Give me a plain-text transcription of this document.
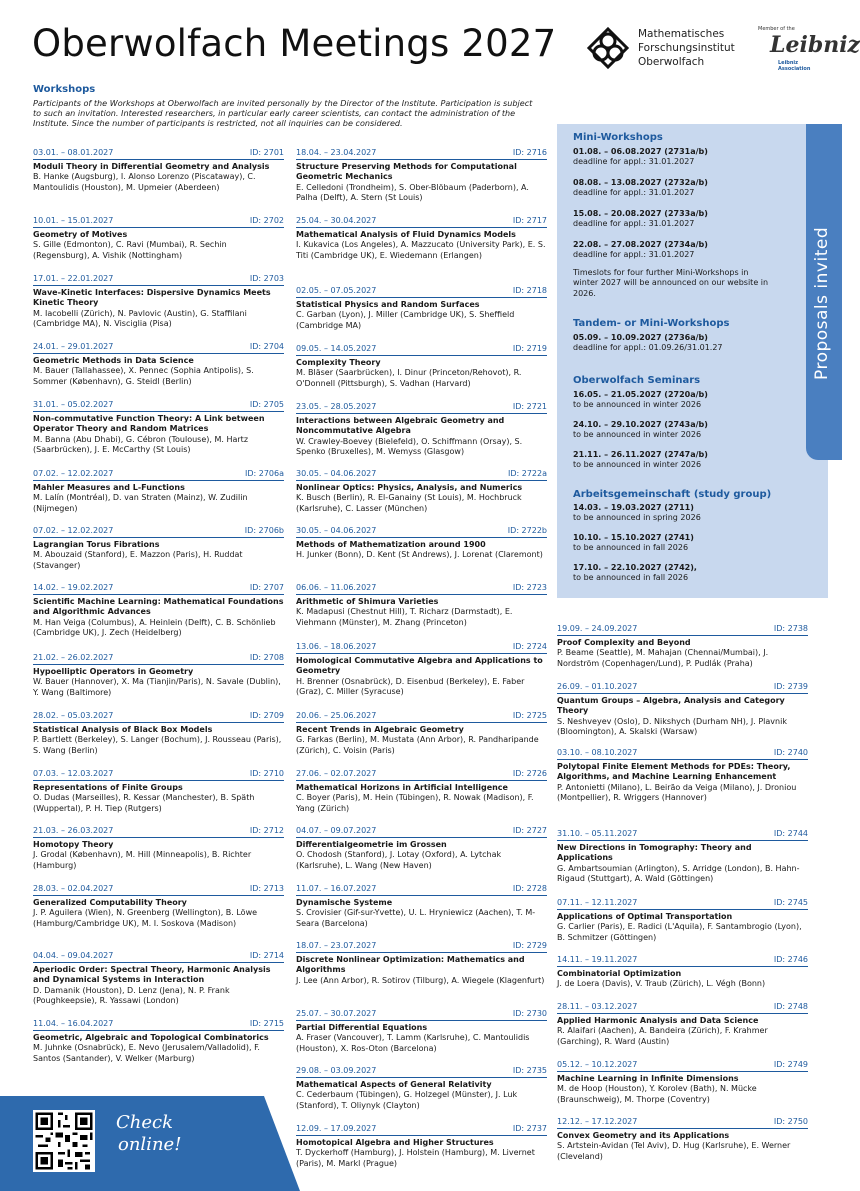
Oberwolfach Meetings 2027	Mathematisches
Forschungsinstitut
Oberwolfach
Member of the
Leibniz
Leibniz
Association
Workshops
Participants of the Workshops at Oberwolfach are invited personally by the Director of the Institute. Participation is subject to such an invitation. Interested researchers, in particular early career scientists, can contact the administration of the Institute. Since the number of participants is restricted, not all inquiries can be considered.
Proposals invited
Mini-Workshops
01.08. – 06.08.2027 (2731a/b)
deadline for appl.: 31.01.2027
08.08. – 13.08.2027 (2732a/b)
deadline for appl.: 31.01.2027
15.08. – 20.08.2027 (2733a/b)
deadline for appl.: 31.01.2027
22.08. – 27.08.2027 (2734a/b)
deadline for appl.: 31.01.2027
Timeslots for four further Mini-Workshops in winter 2027 will be announced on our website in 2026.
Tandem- or Mini-Workshops
05.09. – 10.09.2027 (2736a/b)
deadline for appl.: 01.09.26/31.01.27
Oberwolfach Seminars
16.05. – 21.05.2027 (2720a/b)
to be announced in winter 2026
24.10. – 29.10.2027 (2743a/b)
to be announced in winter 2026
21.11. – 26.11.2027 (2747a/b)
to be announced in winter 2026
Arbeitsgemeinschaft (study group)
14.03. – 19.03.2027 (2711)
to be announced in spring 2026
10.10. – 15.10.2027 (2741)
to be announced in fall 2026
17.10. – 22.10.2027 (2742),
to be announced in fall 2026
03.01. – 08.01.2027	ID: 2701
Moduli Theory in Differential Geometry and Analysis
B. Hanke (Augsburg), I. Alonso Lorenzo (Piscataway), C. Mantoulidis (Houston), M. Upmeier (Aberdeen)
10.01. – 15.01.2027	ID: 2702
Geometry of Motives
S. Gille (Edmonton), C. Ravi (Mumbai), R. Sechin (Regensburg), A. Vishik (Nottingham)
17.01. – 22.01.2027	ID: 2703
Wave-Kinetic Interfaces: Dispersive Dynamics Meets Kinetic Theory
M. Iacobelli (Zürich), N. Pavlovic (Austin), G. Staffilani (Cambridge MA), N. Visciglia (Pisa)
24.01. – 29.01.2027	ID: 2704
Geometric Methods in Data Science
M. Bauer (Tallahassee), X. Pennec (Sophia Antipolis), S. Sommer (København), G. Steidl (Berlin)
31.01. – 05.02.2027	ID: 2705
Non-commutative Function Theory: A Link between Operator Theory and Random Matrices
M. Banna (Abu Dhabi), G. Cébron (Toulouse), M. Hartz (Saarbrücken), J. E. McCarthy (St Louis)
07.02. – 12.02.2027	ID: 2706a
Mahler Measures and L-Functions
M. Lalín (Montréal), D. van Straten (Mainz), W. Zudilin (Nijmegen)
07.02. – 12.02.2027	ID: 2706b
Lagrangian Torus Fibrations
M. Abouzaid (Stanford), E. Mazzon (Paris), H. Ruddat (Stavanger)
14.02. – 19.02.2027	ID: 2707
Scientific Machine Learning: Mathematical Foundations and Algorithmic Advances
M. Han Veiga (Columbus), A. Heinlein (Delft), C. B. Schönlieb (Cambridge UK), J. Zech (Heidelberg)
21.02. – 26.02.2027	ID: 2708
Hypoelliptic Operators in Geometry
W. Bauer (Hannover), X. Ma (Tianjin/Paris), N. Savale (Dublin), Y. Wang (Baltimore)
28.02. – 05.03.2027	ID: 2709
Statistical Analysis of Black Box Models
P. Bartlett (Berkeley), S. Langer (Bochum), J. Rousseau (Paris), S. Wang (Berlin)
07.03. – 12.03.2027	ID: 2710
Representations of Finite Groups
O. Dudas (Marseilles), R. Kessar (Manchester), B. Späth (Wuppertal), P. H. Tiep (Rutgers)
21.03. – 26.03.2027	ID: 2712
Homotopy Theory
J. Grodal (København), M. Hill (Minneapolis), B. Richter (Hamburg)
28.03. – 02.04.2027	ID: 2713
Generalized Computability Theory
J. P. Aguilera (Wien), N. Greenberg (Wellington), B. Löwe (Hamburg/Cambridge UK), M. I. Soskova (Madison)
04.04. – 09.04.2027	ID: 2714
Aperiodic Order: Spectral Theory, Harmonic Analysis and Dynamical Systems in Interaction
D. Damanik (Houston), D. Lenz (Jena), N. P. Frank (Poughkeepsie), R. Yassawi (London)
11.04. – 16.04.2027	ID: 2715
Geometric, Algebraic and Topological Combinatorics
M. Juhnke (Osnabrück), E. Nevo (Jerusalem/Valladolid), F. Santos (Santander), V. Welker (Marburg)
18.04. – 23.04.2027	ID: 2716
Structure Preserving Methods for Computational Geometric Mechanics
E. Celledoni (Trondheim), S. Ober-Blöbaum (Paderborn), A. Palha (Delft), A. Stern (St Louis)
25.04. – 30.04.2027	ID: 2717
Mathematical Analysis of Fluid Dynamics Models
I. Kukavica (Los Angeles), A. Mazzucato (University Park), E. S. Titi (Cambridge UK), E. Wiedemann (Erlangen)
02.05. – 07.05.2027	ID: 2718
Statistical Physics and Random Surfaces
C. Garban (Lyon), J. Miller (Cambridge UK), S. Sheffield (Cambridge MA)
09.05. – 14.05.2027	ID: 2719
Complexity Theory
M. Bläser (Saarbrücken), I. Dinur (Princeton/Rehovot), R. O'Donnell (Pittsburgh), S. Vadhan (Harvard)
23.05. – 28.05.2027	ID: 2721
Interactions between Algebraic Geometry and Noncommutative Algebra
W. Crawley-Boevey (Bielefeld), O. Schiffmann (Orsay), S. Spenko (Bruxelles), M. Wemyss (Glasgow)
30.05. – 04.06.2027	ID: 2722a
Nonlinear Optics: Physics, Analysis, and Numerics
K. Busch (Berlin), R. El-Ganainy (St Louis), M. Hochbruck (Karlsruhe), C. Lasser (München)
30.05. – 04.06.2027	ID: 2722b
Methods of Mathematization around 1900
H. Junker (Bonn), D. Kent (St Andrews), J. Lorenat (Claremont)
06.06. – 11.06.2027	ID: 2723
Arithmetic of Shimura Varieties
K. Madapusi (Chestnut Hill), T. Richarz (Darmstadt), E. Viehmann (Münster), M. Zhang (Princeton)
13.06. – 18.06.2027	ID: 2724
Homological Commutative Algebra and Applications to Geometry
H. Brenner (Osnabrück), D. Eisenbud (Berkeley), E. Faber (Graz), C. Miller (Syracuse)
20.06. – 25.06.2027	ID: 2725
Recent Trends in Algebraic Geometry
G. Farkas (Berlin), M. Mustata (Ann Arbor), R. Pandharipande (Zürich), C. Voisin (Paris)
27.06. – 02.07.2027	ID: 2726
Mathematical Horizons in Artificial Intelligence
C. Boyer (Paris), M. Hein (Tübingen), R. Nowak (Madison), F. Yang (Zürich)
04.07. – 09.07.2027	ID: 2727
Differentialgeometrie im Grossen
O. Chodosh (Stanford), J. Lotay (Oxford), A. Lytchak (Karlsruhe), L. Wang (New Haven)
11.07. – 16.07.2027	ID: 2728
Dynamische Systeme
S. Crovisier (Gif-sur-Yvette), U. L. Hryniewicz (Aachen), T. M-Seara (Barcelona)
18.07. – 23.07.2027	ID: 2729
Discrete Nonlinear Optimization: Mathematics and Algorithms
J. Lee (Ann Arbor), R. Sotirov (Tilburg), A. Wiegele (Klagenfurt)
25.07. – 30.07.2027	ID: 2730
Partial Differential Equations
A. Fraser (Vancouver), T. Lamm (Karlsruhe), C. Mantoulidis (Houston), X. Ros-Oton (Barcelona)
29.08. – 03.09.2027	ID: 2735
Mathematical Aspects of General Relativity
C. Cederbaum (Tübingen), G. Holzegel (Münster), J. Luk (Stanford), T. Oliynyk (Clayton)
12.09. – 17.09.2027	ID: 2737
Homotopical Algebra and Higher Structures
T. Dyckerhoff (Hamburg), J. Holstein (Hamburg), M. Livernet (Paris), M. Markl (Prague)
19.09. – 24.09.2027	ID: 2738
Proof Complexity and Beyond
P. Beame (Seattle), M. Mahajan (Chennai/Mumbai), J. Nordström (Copenhagen/Lund), P. Pudlák (Praha)
26.09. – 01.10.2027	ID: 2739
Quantum Groups – Algebra, Analysis and Category Theory
S. Neshveyev (Oslo), D. Nikshych (Durham NH), J. Plavnik (Bloomington), A. Skalski (Warsaw)
03.10. – 08.10.2027	ID: 2740
Polytopal Finite Element Methods for PDEs: Theory, Algorithms, and Machine Learning Enhancement
P. Antonietti (Milano), L. Beirão da Veiga (Milano), J. Droniou (Montpellier), R. Wriggers (Hannover)
31.10. – 05.11.2027	ID: 2744
New Directions in Tomography: Theory and Applications
G. Ambartsoumian (Arlington), S. Arridge (London), B. Hahn-Rigaud (Stuttgart), A. Wald (Göttingen)
07.11. – 12.11.2027	ID: 2745
Applications of Optimal Transportation
G. Carlier (Paris), E. Radici (L'Aquila), F. Santambrogio (Lyon), B. Schmitzer (Göttingen)
14.11. – 19.11.2027	ID: 2746
Combinatorial Optimization
J. de Loera (Davis), V. Traub (Zürich), L. Végh (Bonn)
28.11. – 03.12.2027	ID: 2748
Applied Harmonic Analysis and Data Science
R. Alaifari (Aachen), A. Bandeira (Zürich), F. Krahmer (Garching), R. Ward (Austin)
05.12. – 10.12.2027	ID: 2749
Machine Learning in Infinite Dimensions
M. de Hoop (Houston), Y. Korolev (Bath), N. Mücke (Braunschweig), M. Thorpe (Coventry)
12.12. – 17.12.2027	ID: 2750
Convex Geometry and its Applications
S. Artstein-Avidan (Tel Aviv), D. Hug (Karlsruhe), E. Werner (Cleveland)
Check
online!
